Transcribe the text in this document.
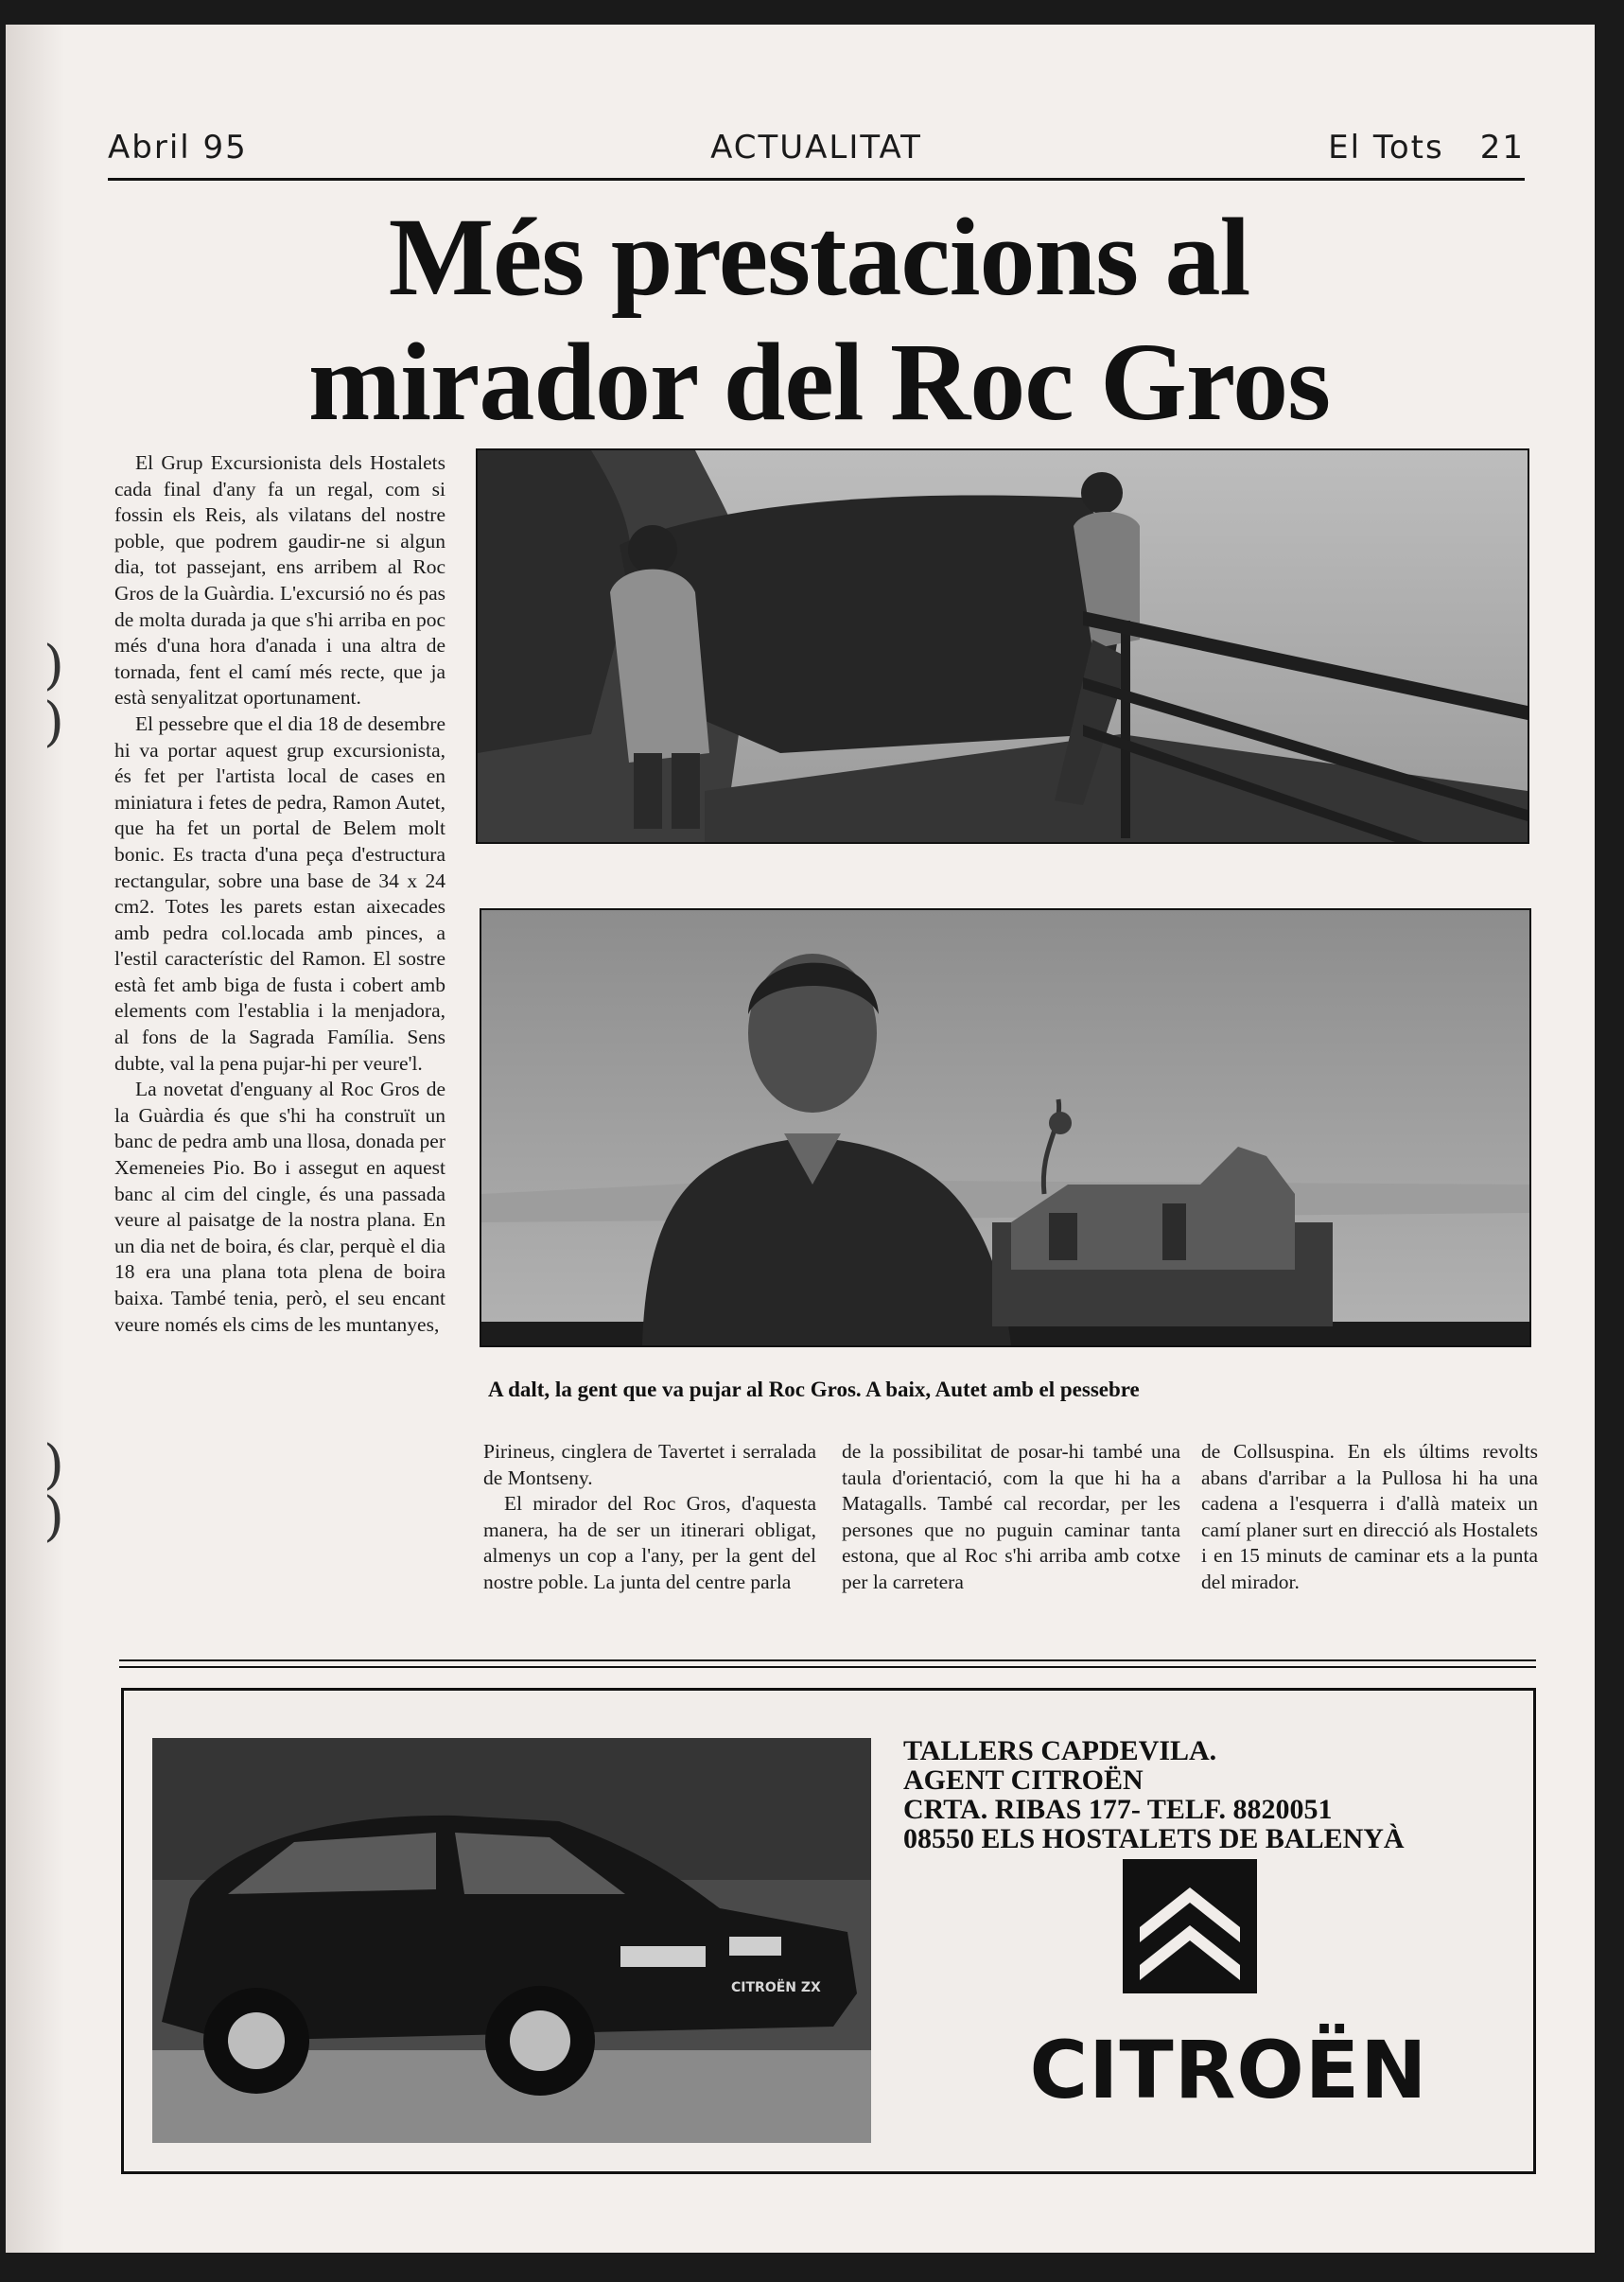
)
)
)
)
Abril 95	ACTUALITAT	El Tots 21
Més prestacions al
mirador del Roc Gros

El Grup Excursionista dels Hostalets cada final d'any fa un regal, com si fossin els Reis, als vilatans del nostre poble, que podrem gaudir-ne si algun dia, tot passejant, ens arribem al Roc Gros de la Guàrdia. L'excursió no és pas de molta durada ja que s'hi arriba en poc més d'una hora d'anada i una altra de tornada, fent el camí més recte, que ja està senyalitzat oportunament.

El pessebre que el dia 18 de desembre hi va portar aquest grup excursionista, és fet per l'artista local de cases en miniatura i fetes de pedra, Ramon Autet, que ha fet un portal de Belem molt bonic. Es tracta d'una peça d'estructura rectangular, sobre una base de 34 x 24 cm2. Totes les parets estan aixecades amb pedra col.locada amb pinces, a l'estil característic del Ramon. El sostre està fet amb biga de fusta i cobert amb elements com l'establia i la menjadora, al fons de la Sagrada Família. Sens dubte, val la pena pujar-hi per veure'l.

La novetat d'enguany al Roc Gros de la Guàrdia és que s'hi ha construït un banc de pedra amb una llosa, donada per Xemeneies Pio. Bo i assegut en aquest banc al cim del cingle, és una passada veure al paisatge de la nostra plana. En un dia net de boira, és clar, perquè el dia 18 era una plana tota plena de boira baixa. També tenia, però, el seu encant veure només els cims de les muntanyes,

A dalt, la gent que va pujar al Roc Gros. A baix, Autet amb el pessebre

Pirineus, cinglera de Tavertet i serralada de Montseny.

El mirador del Roc Gros, d'aquesta manera, ha de ser un itinerari obligat, almenys un cop a l'any, per la gent del nostre poble. La junta del centre parla

de la possibilitat de posar-hi també una taula d'orientació, com la que hi ha a Matagalls. També cal recordar, per les persones que no puguin caminar tanta estona, que al Roc s'hi arriba amb cotxe per la carretera

de Collsuspina. En els últims revolts abans d'arribar a la Pullosa hi ha una cadena a l'esquerra i d'allà mateix un camí planer surt en direcció als Hostalets i en 15 minuts de caminar ets a la punta del mirador.

CITROËN ZX
TALLERS CAPDEVILA.
AGENT CITROËN
CRTA. RIBAS 177- TELF. 8820051
08550 ELS HOSTALETS DE BALENYÀ
CITROËN
